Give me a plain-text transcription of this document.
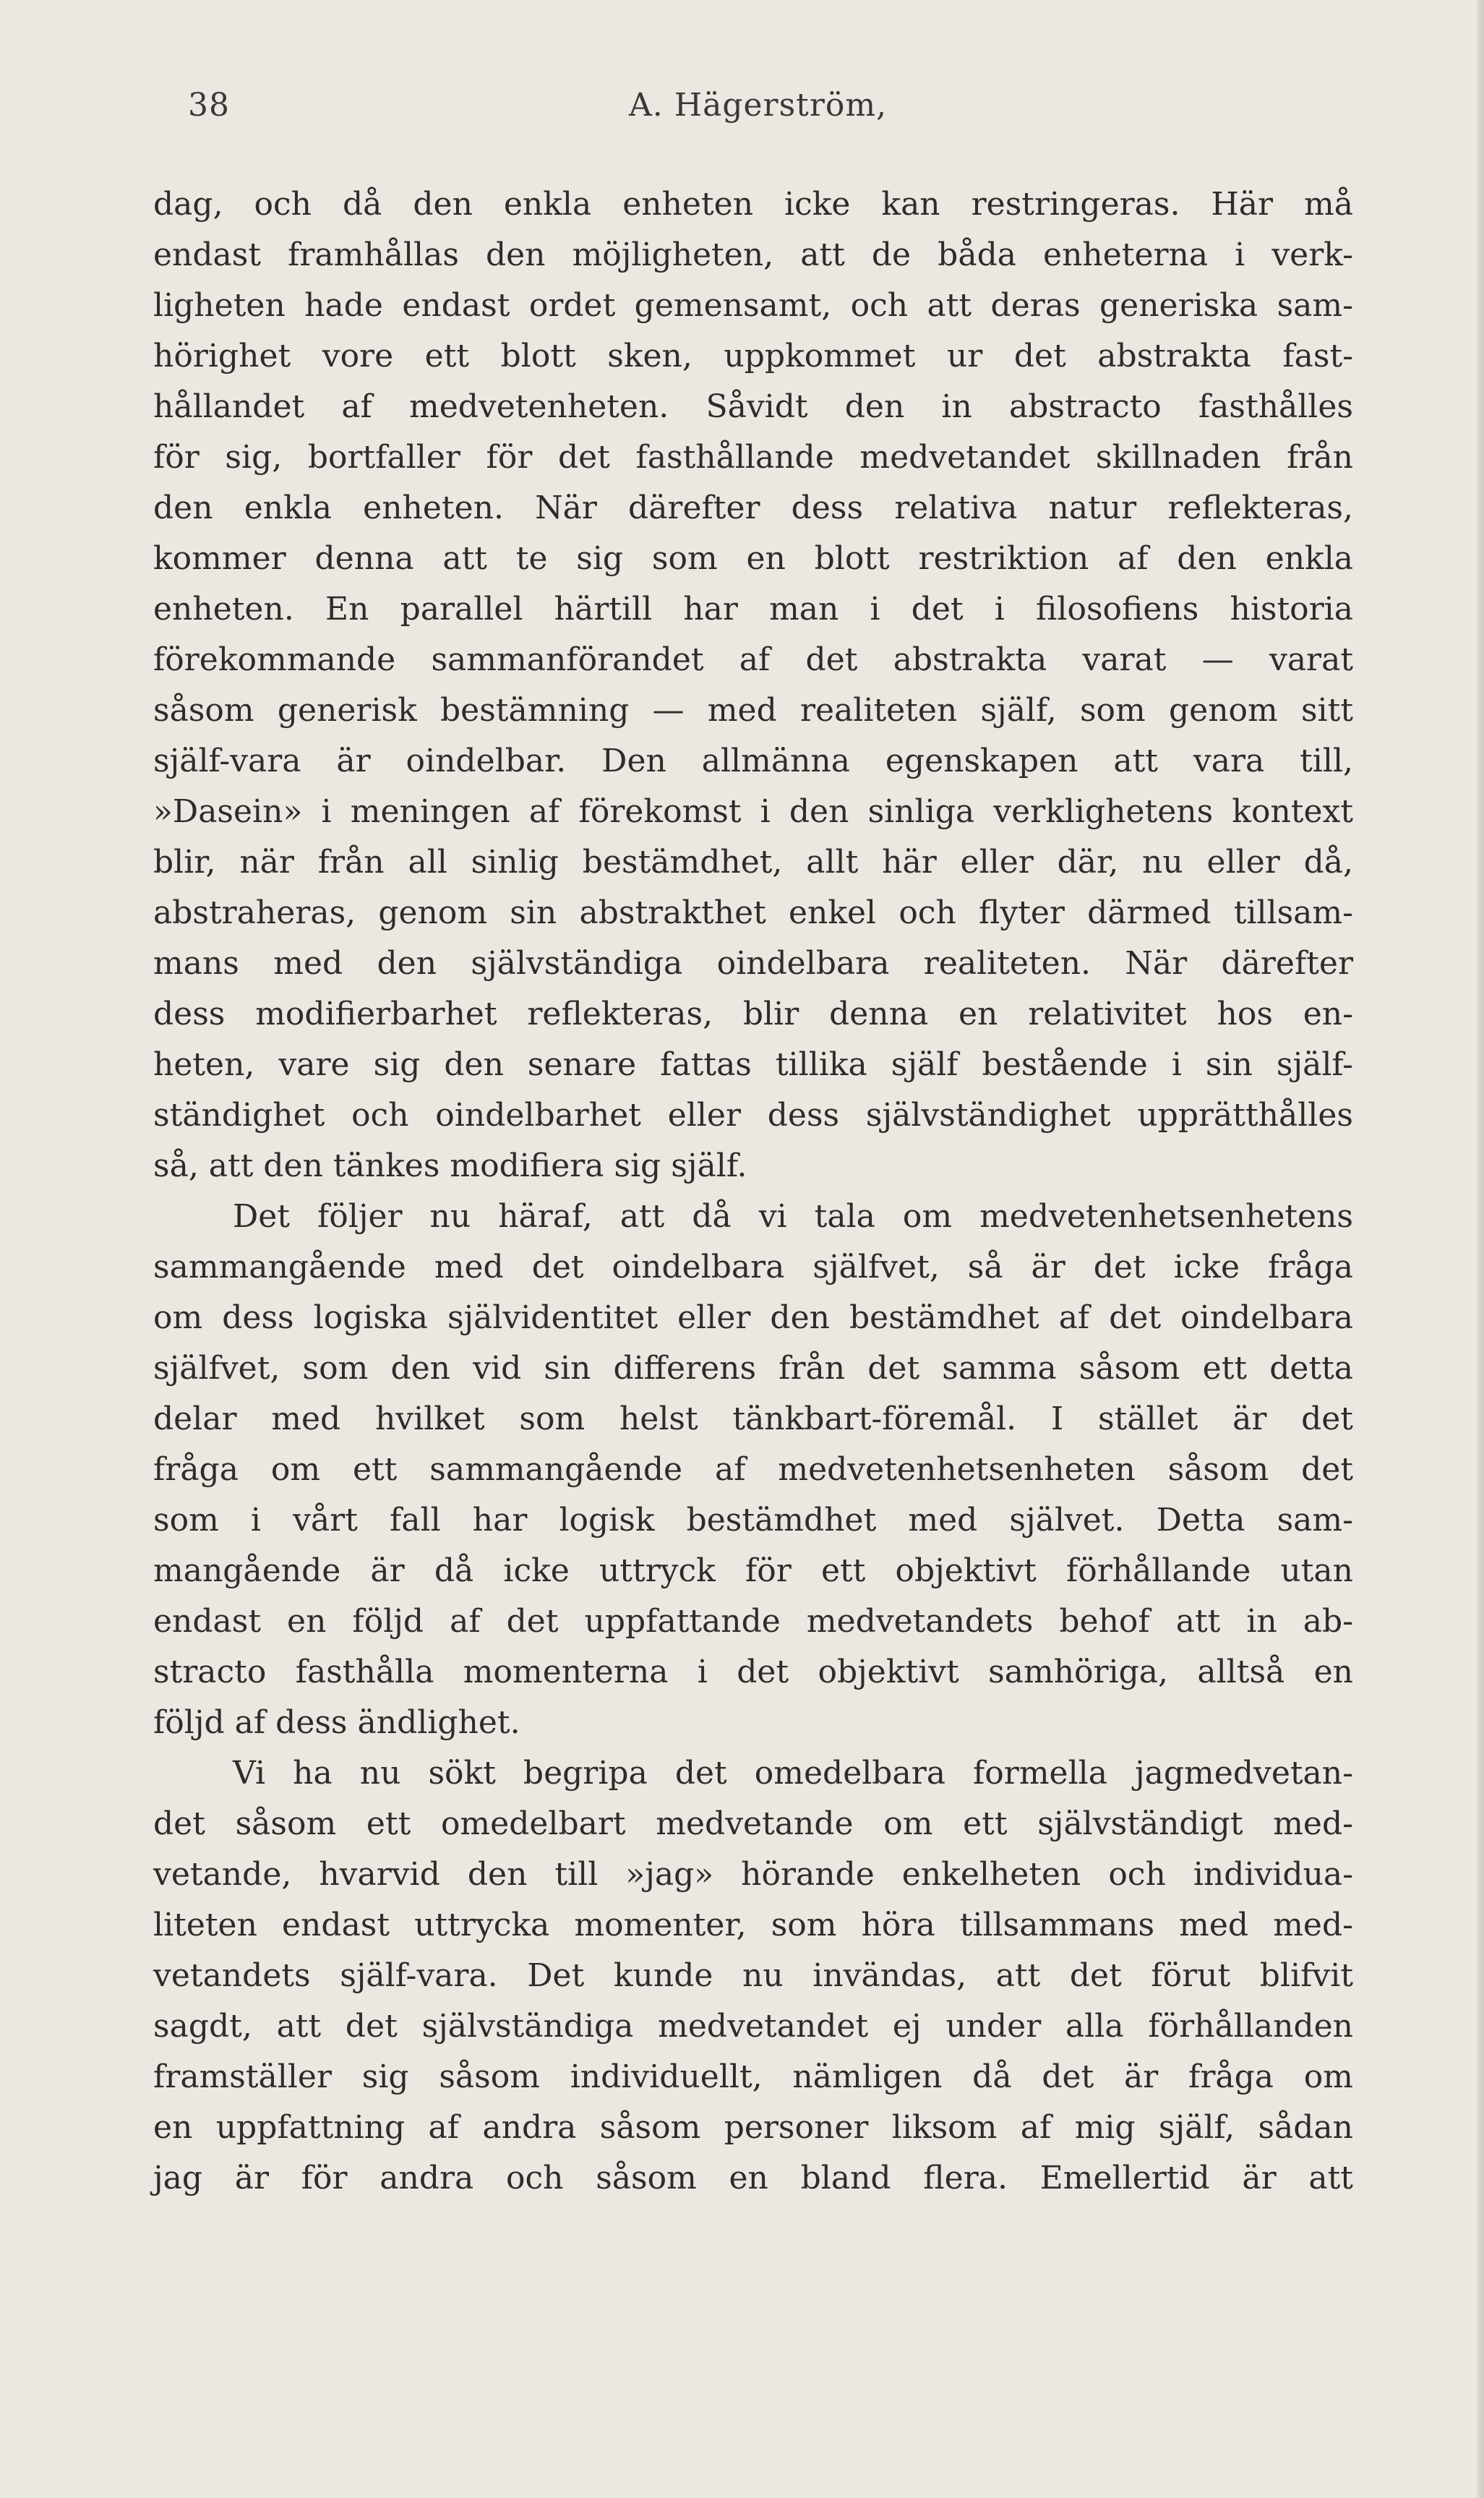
38	A. Hägerström,
dag, och då den enkla enheten icke kan restringeras. Här må
endast framhållas den möjligheten, att de båda enheterna i verk-
ligheten hade endast ordet gemensamt, och att deras generiska sam-
hörighet vore ett blott sken, uppkommet ur det abstrakta fast-
hållandet af medvetenheten. Såvidt den in abstracto fasthålles
för sig, bortfaller för det fasthållande medvetandet skillnaden från
den enkla enheten. När därefter dess relativa natur reflekteras,
kommer denna att te sig som en blott restriktion af den enkla
enheten. En parallel härtill har man i det i filosofiens historia
förekommande sammanförandet af det abstrakta varat — varat
såsom generisk bestämning — med realiteten själf, som genom sitt
själf-vara är oindelbar. Den allmänna egenskapen att vara till,
»Dasein» i meningen af förekomst i den sinliga verklighetens kontext
blir, när från all sinlig bestämdhet, allt här eller där, nu eller då,
abstraheras, genom sin abstrakthet enkel och flyter därmed tillsam-
mans med den självständiga oindelbara realiteten. När därefter
dess modifierbarhet reflekteras, blir denna en relativitet hos en-
heten, vare sig den senare fattas tillika själf bestående i sin själf-
ständighet och oindelbarhet eller dess självständighet upprätthålles
så, att den tänkes modifiera sig själf.
Det följer nu häraf, att då vi tala om medvetenhetsenhetens
sammangående med det oindelbara själfvet, så är det icke fråga
om dess logiska självidentitet eller den bestämdhet af det oindelbara
själfvet, som den vid sin differens från det samma såsom ett detta
delar med hvilket som helst tänkbart-föremål. I stället är det
fråga om ett sammangående af medvetenhetsenheten såsom det
som i vårt fall har logisk bestämdhet med självet. Detta sam-
mangående är då icke uttryck för ett objektivt förhållande utan
endast en följd af det uppfattande medvetandets behof att in ab-
stracto fasthålla momenterna i det objektivt samhöriga, alltså en
följd af dess ändlighet.
Vi ha nu sökt begripa det omedelbara formella jagmedvetan-
det såsom ett omedelbart medvetande om ett självständigt med-
vetande, hvarvid den till »jag» hörande enkelheten och individua-
liteten endast uttrycka momenter, som höra tillsammans med med-
vetandets själf-vara. Det kunde nu invändas, att det förut blifvit
sagdt, att det självständiga medvetandet ej under alla förhållanden
framställer sig såsom individuellt, nämligen då det är fråga om
en uppfattning af andra såsom personer liksom af mig själf, sådan
jag är för andra och såsom en bland flera. Emellertid är att
